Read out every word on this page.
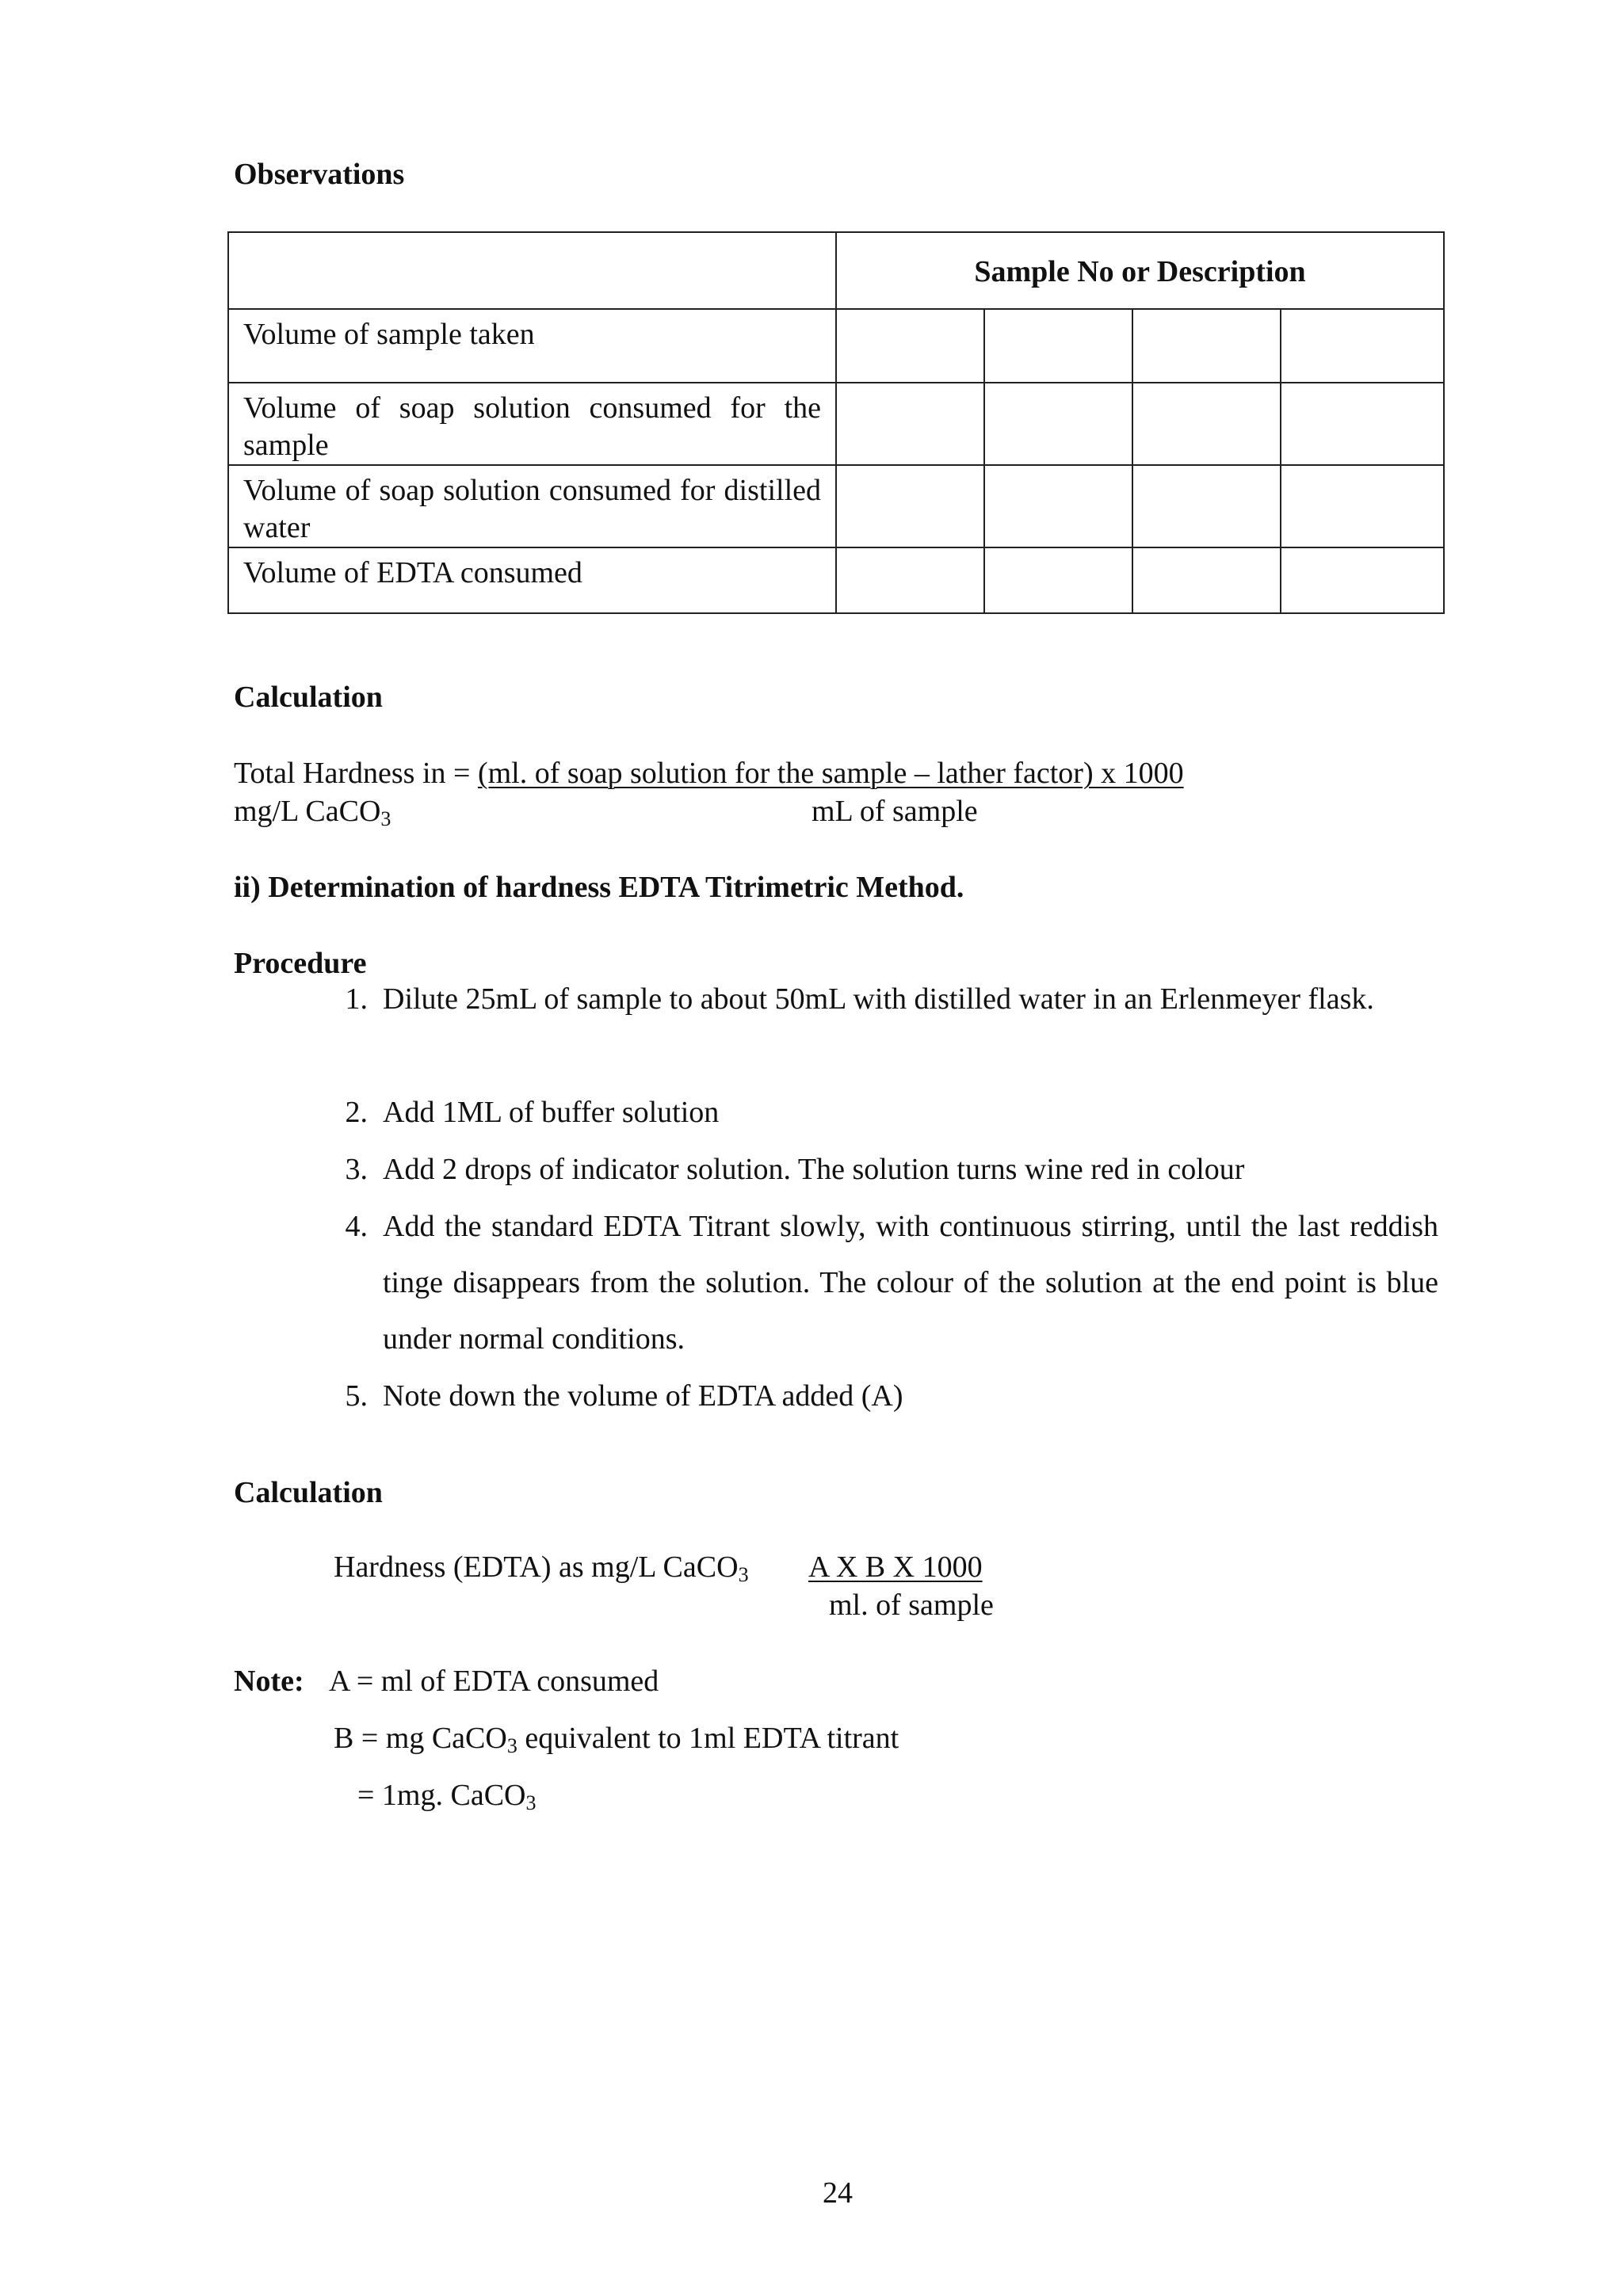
Observations
	Sample No or Description			
Volume of sample taken				
Volume of soap solution consumed for the sample				
Volume of soap solution consumed for distilled water				
Volume of EDTA consumed				
Calculation
Total Hardness in = (ml. of soap solution for the sample – lather factor) x 1000
mg/L CaCO$_3$	mL of sample
ii) Determination of hardness EDTA Titrimetric Method.
Procedure
1. Dilute 25mL of sample to about 50mL with distilled water in an Erlenmeyer flask.
2. Add 1ML of buffer solution
3. Add 2 drops of indicator solution. The solution turns wine red in colour
4. Add the standard EDTA Titrant slowly, with continuous stirring, until the last reddish tinge disappears from the solution. The colour of the solution at the end point is blue under normal conditions.
5. Note down the volume of EDTA added (A)
Calculation
Hardness (EDTA) as mg/L CaCO$_3$ A X B X 1000
ml. of sample
Note: A = ml of EDTA consumed
B = mg CaCO$_3$ equivalent to 1ml EDTA titrant
= 1mg. CaCO$_3$
24
